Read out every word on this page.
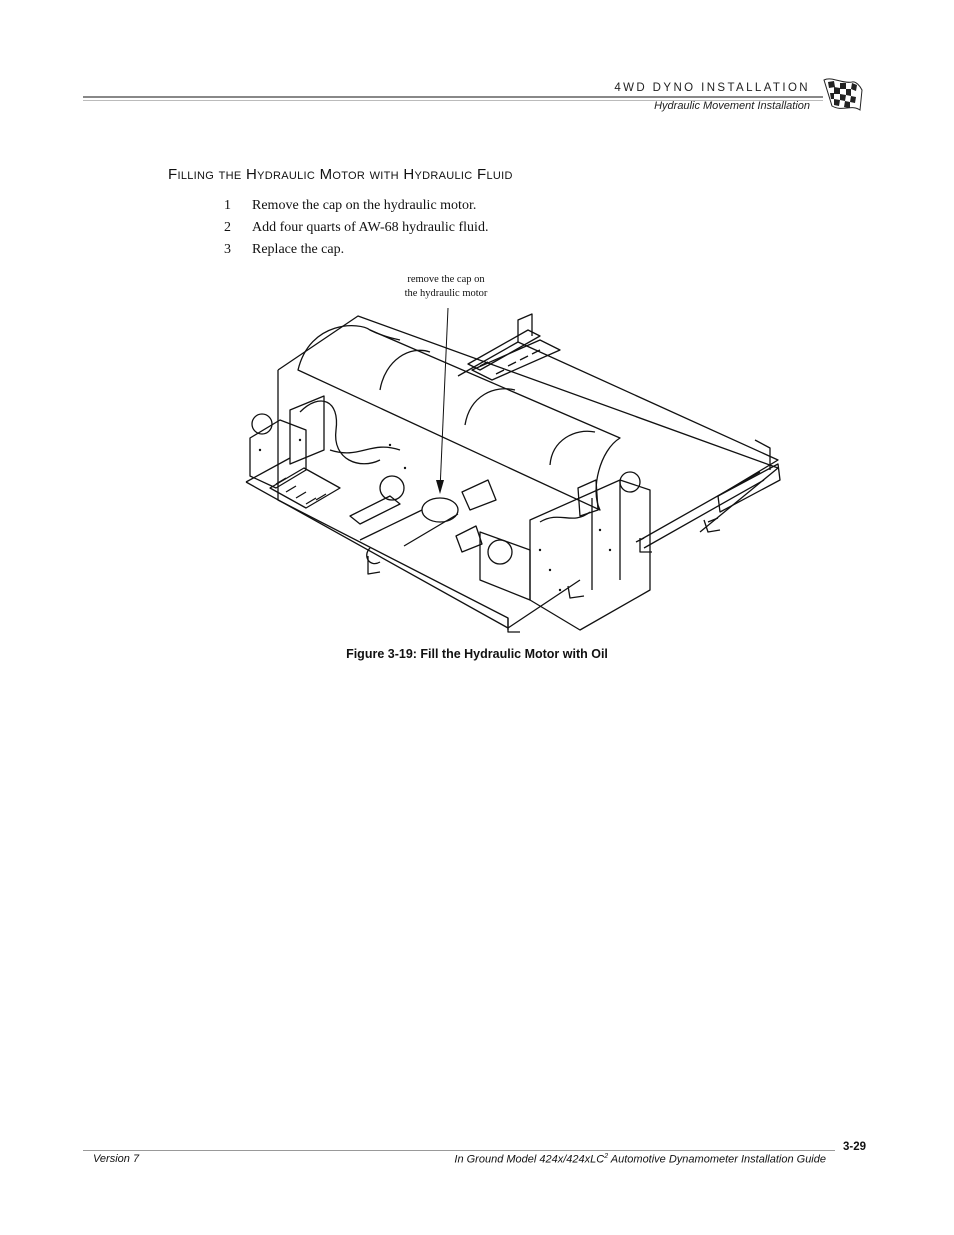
4WD DYNO INSTALLATION
Hydraulic Movement Installation
Filling the Hydraulic Motor with Hydraulic Fluid
1 Remove the cap on the hydraulic motor.
2 Add four quarts of AW-68 hydraulic fluid.
3 Replace the cap.
remove the cap on
the hydraulic motor
Figure 3-19: Fill the Hydraulic Motor with Oil
3-29
Version 7	In Ground Model 424x/424xLC$^2$ Automotive Dynamometer Installation Guide
